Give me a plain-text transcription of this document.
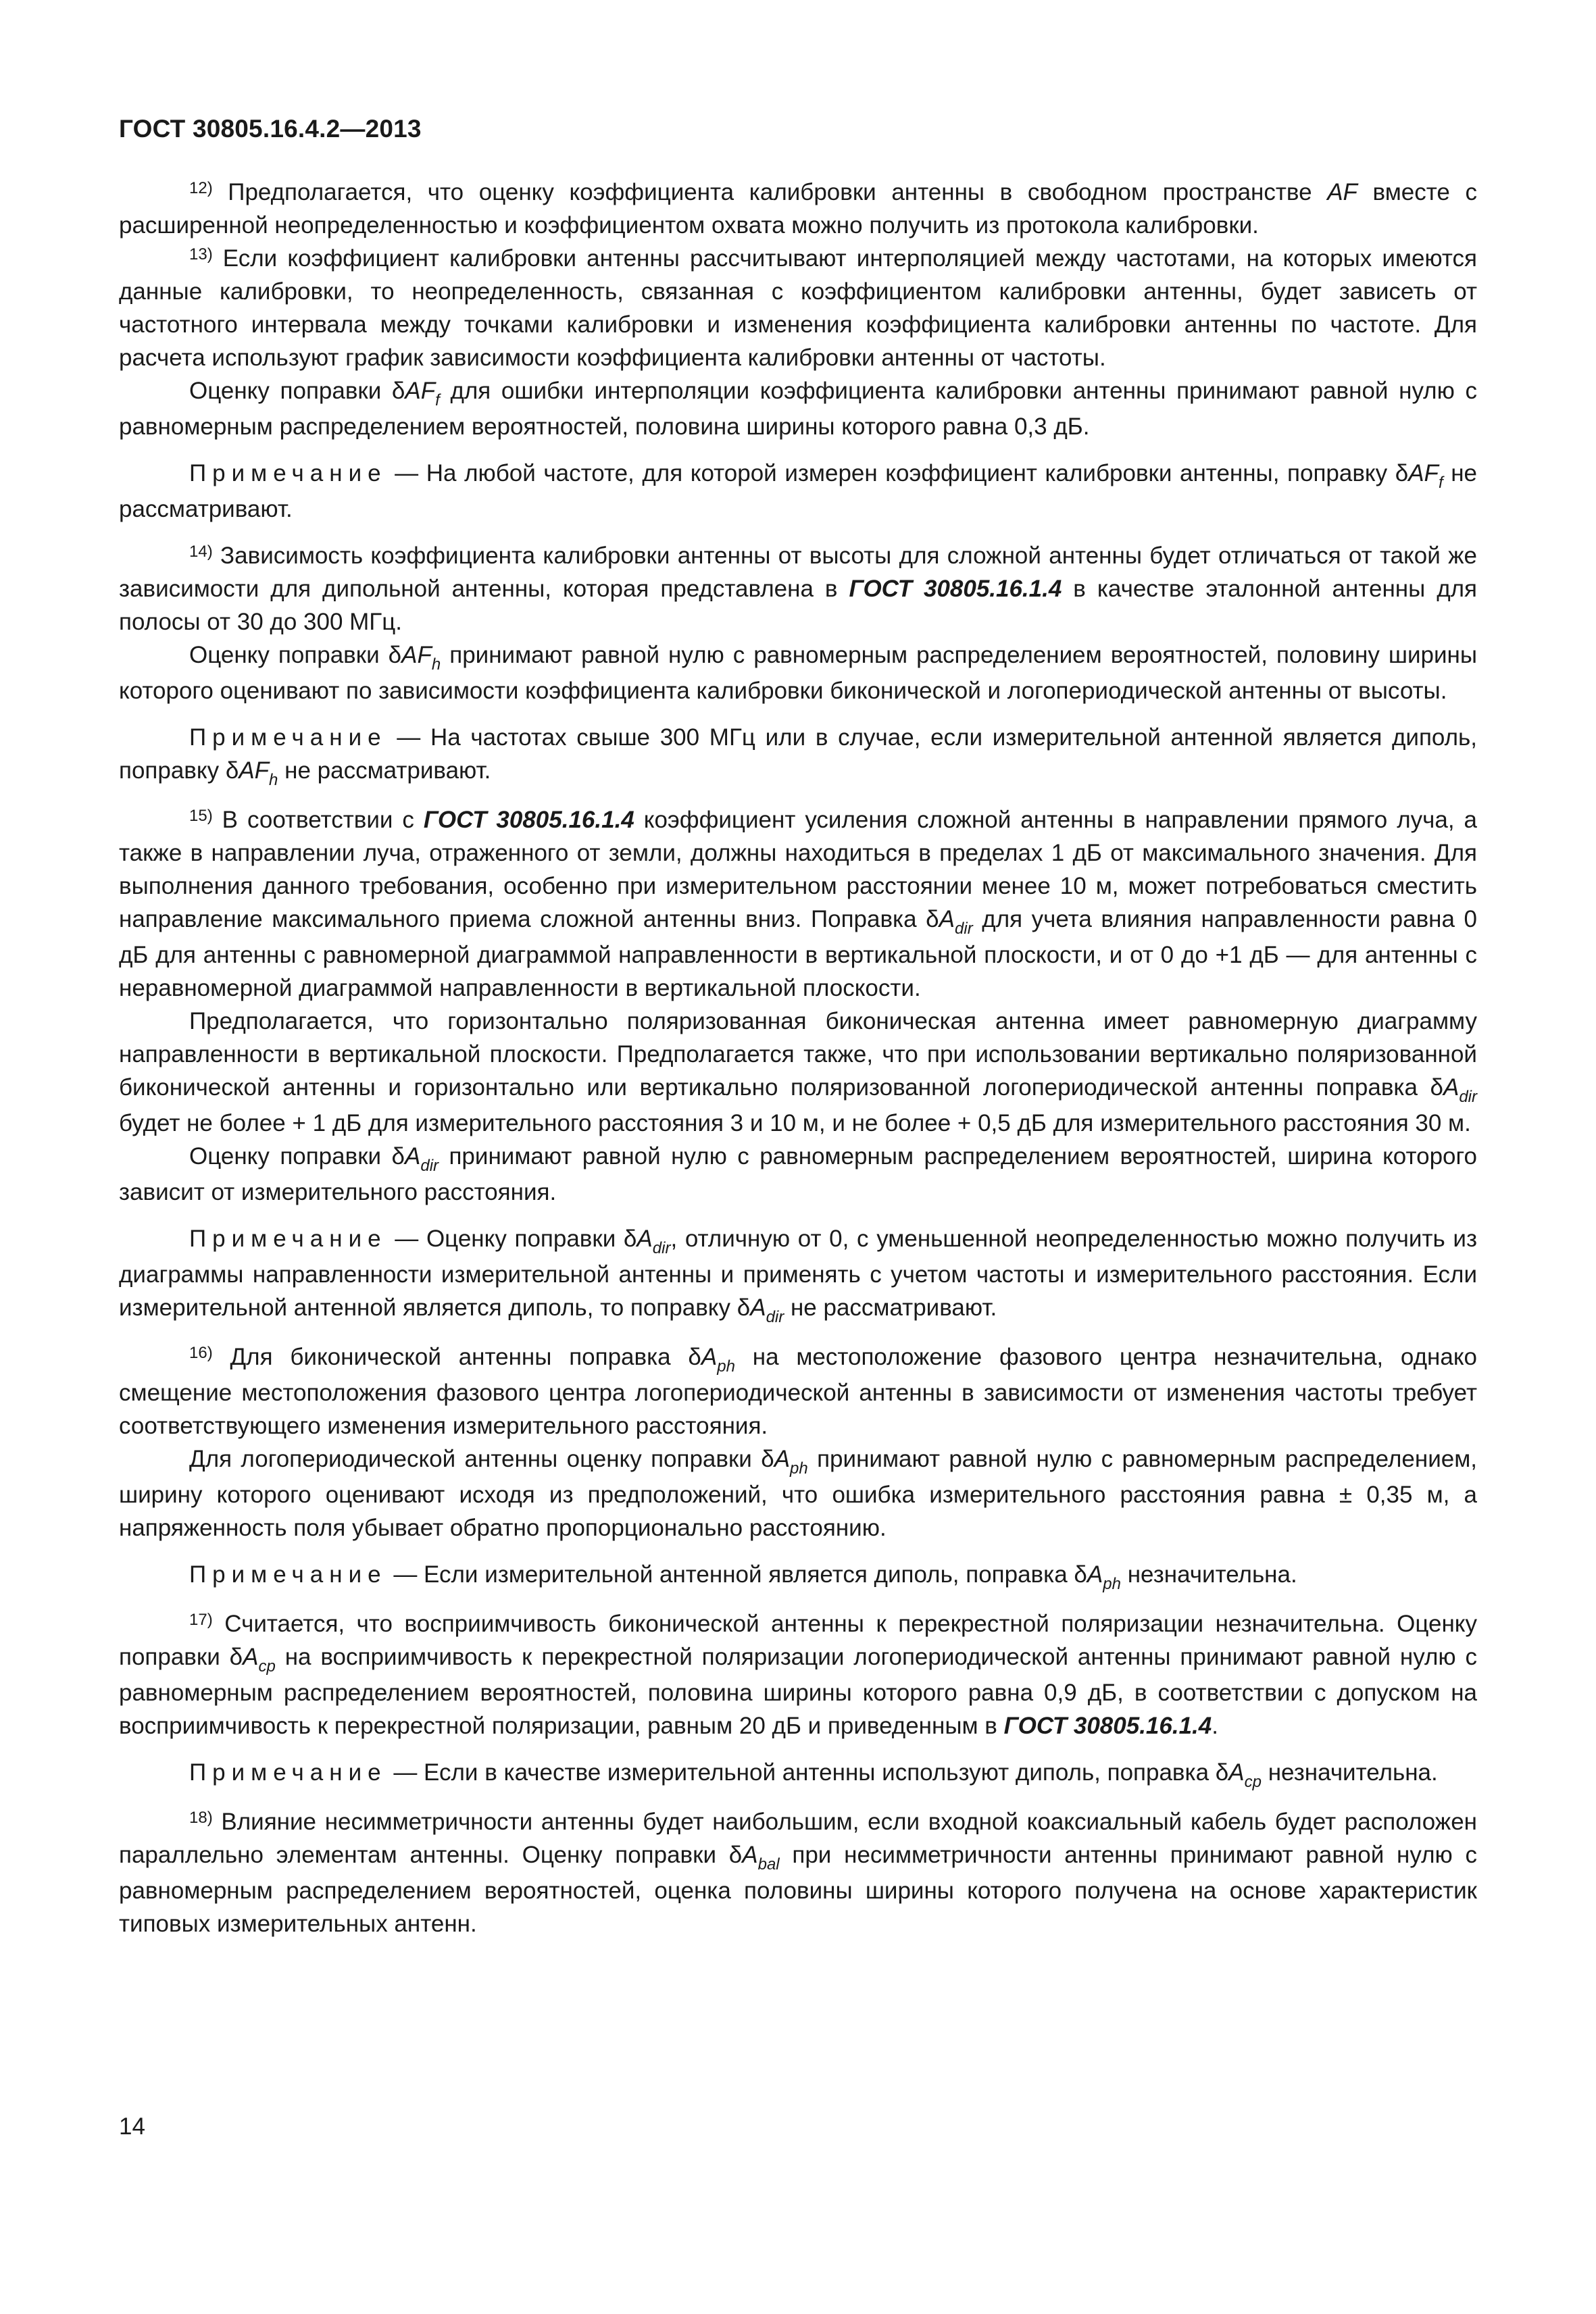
ГОСТ 30805.16.4.2—2013

$^{12)}$ Предполагается, что оценку коэффициента калибровки антенны в свободном пространстве AF вместе с расширенной неопределенностью и коэффициентом охвата можно получить из протокола калибровки.

$^{13)}$ Если коэффициент калибровки антенны рассчитывают интерполяцией между частотами, на которых имеются данные калибровки, то неопределенность, связанная с коэффициентом калибровки антенны, будет зависеть от частотного интервала между точками калибровки и изменения коэффициента калибровки антенны по частоте. Для расчета используют график зависимости коэффициента калибровки антенны от частоты.

Оценку поправки δAF$_f$ для ошибки интерполяции коэффициента калибровки антенны принимают равной нулю с равномерным распределением вероятностей, половина ширины которого равна 0,3 дБ.

Примечание — На любой частоте, для которой измерен коэффициент калибровки антенны, поправку δAF$_f$ не рассматривают.

$^{14)}$ Зависимость коэффициента калибровки антенны от высоты для сложной антенны будет отличаться от такой же зависимости для дипольной антенны, которая представлена в ГОСТ 30805.16.1.4 в качестве эталонной антенны для полосы от 30 до 300 МГц.

Оценку поправки δAF$_h$ принимают равной нулю с равномерным распределением вероятностей, половину ширины которого оценивают по зависимости коэффициента калибровки биконической и логопериодической антенны от высоты.

Примечание — На частотах свыше 300 МГц или в случае, если измерительной антенной является диполь, поправку δAF$_h$ не рассматривают.

$^{15)}$ В соответствии с ГОСТ 30805.16.1.4 коэффициент усиления сложной антенны в направлении прямого луча, а также в направлении луча, отраженного от земли, должны находиться в пределах 1 дБ от максимального значения. Для выполнения данного требования, особенно при измерительном расстоянии менее 10 м, может потребоваться сместить направление максимального приема сложной антенны вниз. Поправка $\delta A_{dir}$ для учета влияния направленности равна 0 дБ для антенны с равномерной диаграммой направленности в вертикальной плоскости, и от 0 до +1 дБ — для антенны с неравномерной диаграммой направленности в вертикальной плоскости.

Предполагается, что горизонтально поляризованная биконическая антенна имеет равномерную диаграмму направленности в вертикальной плоскости. Предполагается также, что при использовании вертикально поляризованной биконической антенны и горизонтально или вертикально поляризованной логопериодической антенны поправка $\delta A_{dir}$ будет не более + 1 дБ для измерительного расстояния 3 и 10 м, и не более + 0,5 дБ для измерительного расстояния 30 м.

Оценку поправки $\delta A_{dir}$ принимают равной нулю с равномерным распределением вероятностей, ширина которого зависит от измерительного расстояния.

Примечание — Оценку поправки $\delta A_{dir}$, отличную от 0, с уменьшенной неопределенностью можно получить из диаграммы направленности измерительной антенны и применять с учетом частоты и измерительного расстояния. Если измерительной антенной является диполь, то поправку $\delta A_{dir}$ не рассматривают.

$^{16)}$ Для биконической антенны поправка $\delta A_{ph}$ на местоположение фазового центра незначительна, однако смещение местоположения фазового центра логопериодической антенны в зависимости от изменения частоты требует соответствующего изменения измерительного расстояния.

Для логопериодической антенны оценку поправки $\delta A_{ph}$ принимают равной нулю с равномерным распределением, ширину которого оценивают исходя из предположений, что ошибка измерительного расстояния равна ± 0,35 м, а напряженность поля убывает обратно пропорционально расстоянию.

Примечание — Если измерительной антенной является диполь, поправка $\delta A_{ph}$ незначительна.

$^{17)}$ Считается, что восприимчивость биконической антенны к перекрестной поляризации незначительна. Оценку поправки $\delta A_{cp}$ на восприимчивость к перекрестной поляризации логопериодической антенны принимают равной нулю с равномерным распределением вероятностей, половина ширины которого равна 0,9 дБ, в соответствии с допуском на восприимчивость к перекрестной поляризации, равным 20 дБ и приведенным в ГОСТ 30805.16.1.4.

Примечание — Если в качестве измерительной антенны используют диполь, поправка $\delta A_{cp}$ незначительна.

$^{18)}$ Влияние несимметричности антенны будет наибольшим, если входной коаксиальный кабель будет расположен параллельно элементам антенны. Оценку поправки $\delta A_{bal}$ при несимметричности антенны принимают равной нулю с равномерным распределением вероятностей, оценка половины ширины которого получена на основе характеристик типовых измерительных антенн.

14
